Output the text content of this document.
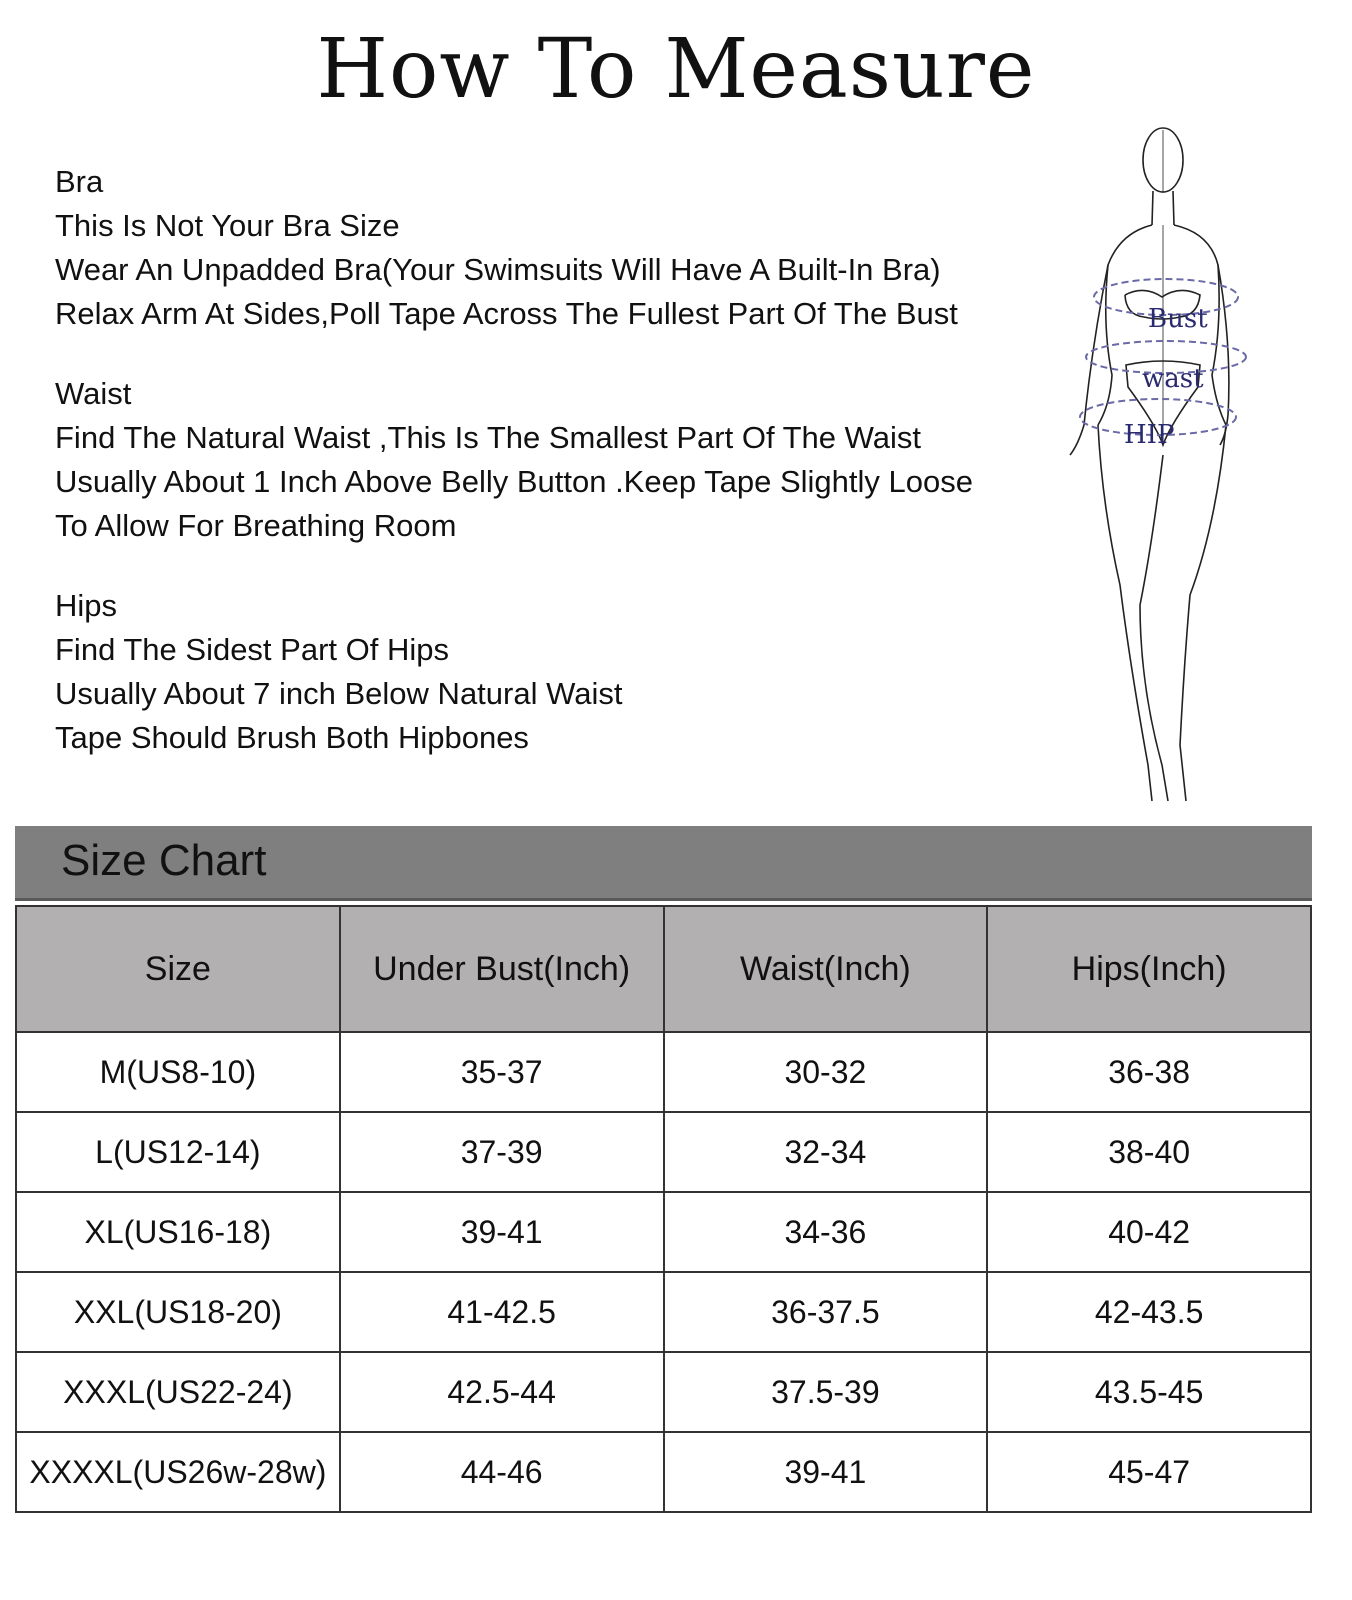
How To Measure
Bra
This Is Not Your Bra Size
Wear An Unpadded Bra(Your Swimsuits Will Have A Built-In Bra)
Relax Arm At Sides,Poll Tape Across The Fullest Part Of The Bust
Waist
Find The Natural Waist ,This Is The Smallest Part Of The Waist
Usually About 1 Inch Above Belly Button .Keep Tape Slightly Loose
To Allow For Breathing Room
Hips
Find The Sidest Part Of Hips
Usually About 7 inch Below Natural Waist
Tape Should Brush Both Hipbones
Bust
wast
HIP
Size Chart
Size	Under Bust(Inch)	Waist(Inch)	Hips(Inch)
M(US8-10)	35-37	30-32	36-38
L(US12-14)	37-39	32-34	38-40
XL(US16-18)	39-41	34-36	40-42
XXL(US18-20)	41-42.5	36-37.5	42-43.5
XXXL(US22-24)	42.5-44	37.5-39	43.5-45
XXXXL(US26w-28w)	44-46	39-41	45-47
